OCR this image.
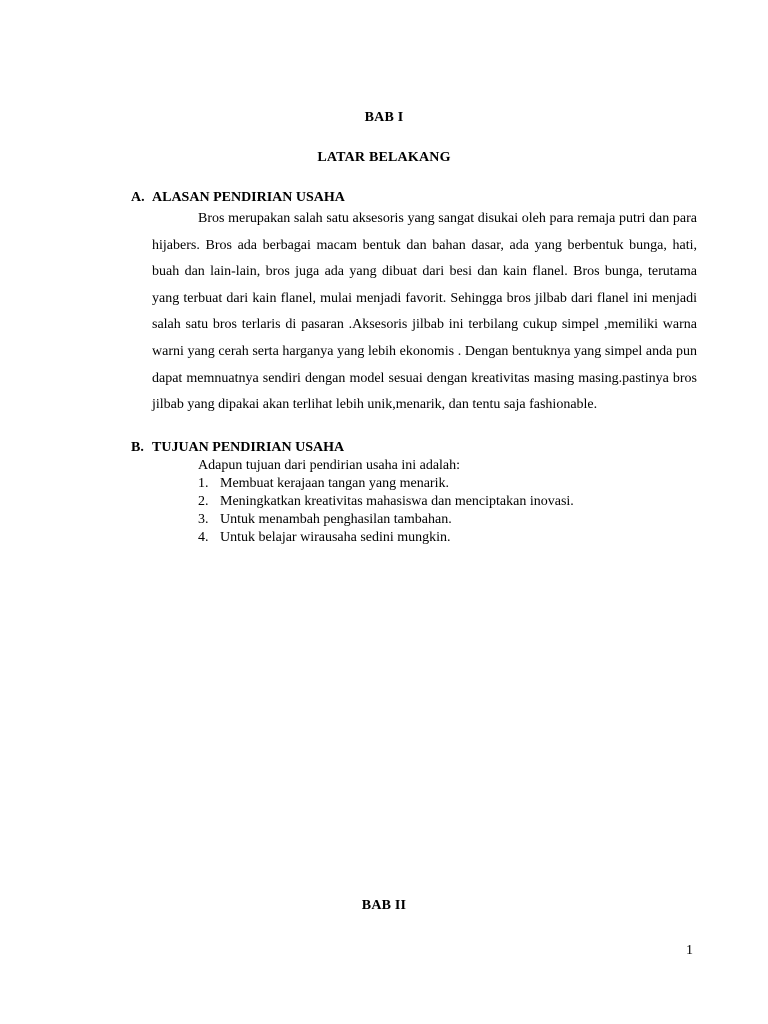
BAB I
LATAR BELAKANG
A. ALASAN PENDIRIAN USAHA

Bros merupakan salah satu aksesoris yang sangat disukai oleh para remaja putri dan para hijabers. Bros ada berbagai macam bentuk dan bahan dasar, ada yang berbentuk bunga, hati, buah dan lain-lain, bros juga ada yang dibuat dari besi dan kain flanel. Bros bunga, terutama yang terbuat dari kain flanel, mulai menjadi favorit. Sehingga bros jilbab dari flanel ini menjadi salah satu bros terlaris di pasaran .Aksesoris jilbab ini terbilang cukup simpel ,memiliki warna warni yang cerah serta harganya yang lebih ekonomis . Dengan bentuknya yang simpel anda pun dapat memnuatnya sendiri dengan model sesuai dengan kreativitas masing masing.pastinya bros jilbab yang dipakai akan terlihat lebih unik,menarik, dan tentu saja fashionable.

B. TUJUAN PENDIRIAN USAHA
Adapun tujuan dari pendirian usaha ini adalah:
1. Membuat kerajaan tangan yang menarik.
2. Meningkatkan kreativitas mahasiswa dan menciptakan inovasi.
3. Untuk menambah penghasilan tambahan.
4. Untuk belajar wirausaha sedini mungkin.
BAB II
1
